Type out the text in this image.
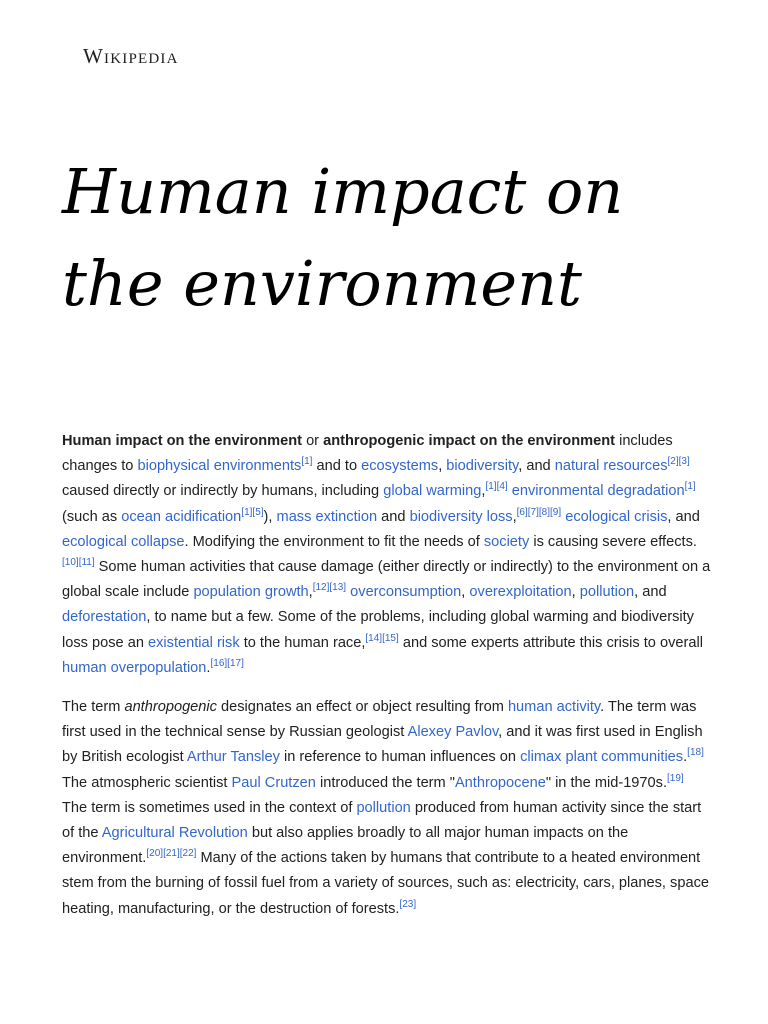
Wikipedia
Human impact on the environment

Human impact on the environment or anthropogenic impact on the environment includes changes to biophysical environments[1] and to ecosystems, biodiversity, and natural resources[2][3] caused directly or indirectly by humans, including global warming,[1][4] environmental degradation[1] (such as ocean acidification[1][5]), mass extinction and biodiversity loss,[6][7][8][9] ecological crisis, and ecological collapse. Modifying the environment to fit the needs of society is causing severe effects.[10][11] Some human activities that cause damage (either directly or indirectly) to the environment on a global scale include population growth,[12][13] overconsumption, overexploitation, pollution, and deforestation, to name but a few. Some of the problems, including global warming and biodiversity loss pose an existential risk to the human race,[14][15] and some experts attribute this crisis to overall human overpopulation.[16][17]

The term anthropogenic designates an effect or object resulting from human activity. The term was first used in the technical sense by Russian geologist Alexey Pavlov, and it was first used in English by British ecologist Arthur Tansley in reference to human influences on climax plant communities.[18] The atmospheric scientist Paul Crutzen introduced the term "Anthropocene" in the mid-1970s.[19] The term is sometimes used in the context of pollution produced from human activity since the start of the Agricultural Revolution but also applies broadly to all major human impacts on the environment.[20][21][22] Many of the actions taken by humans that contribute to a heated environment stem from the burning of fossil fuel from a variety of sources, such as: electricity, cars, planes, space heating, manufacturing, or the destruction of forests.[23]
